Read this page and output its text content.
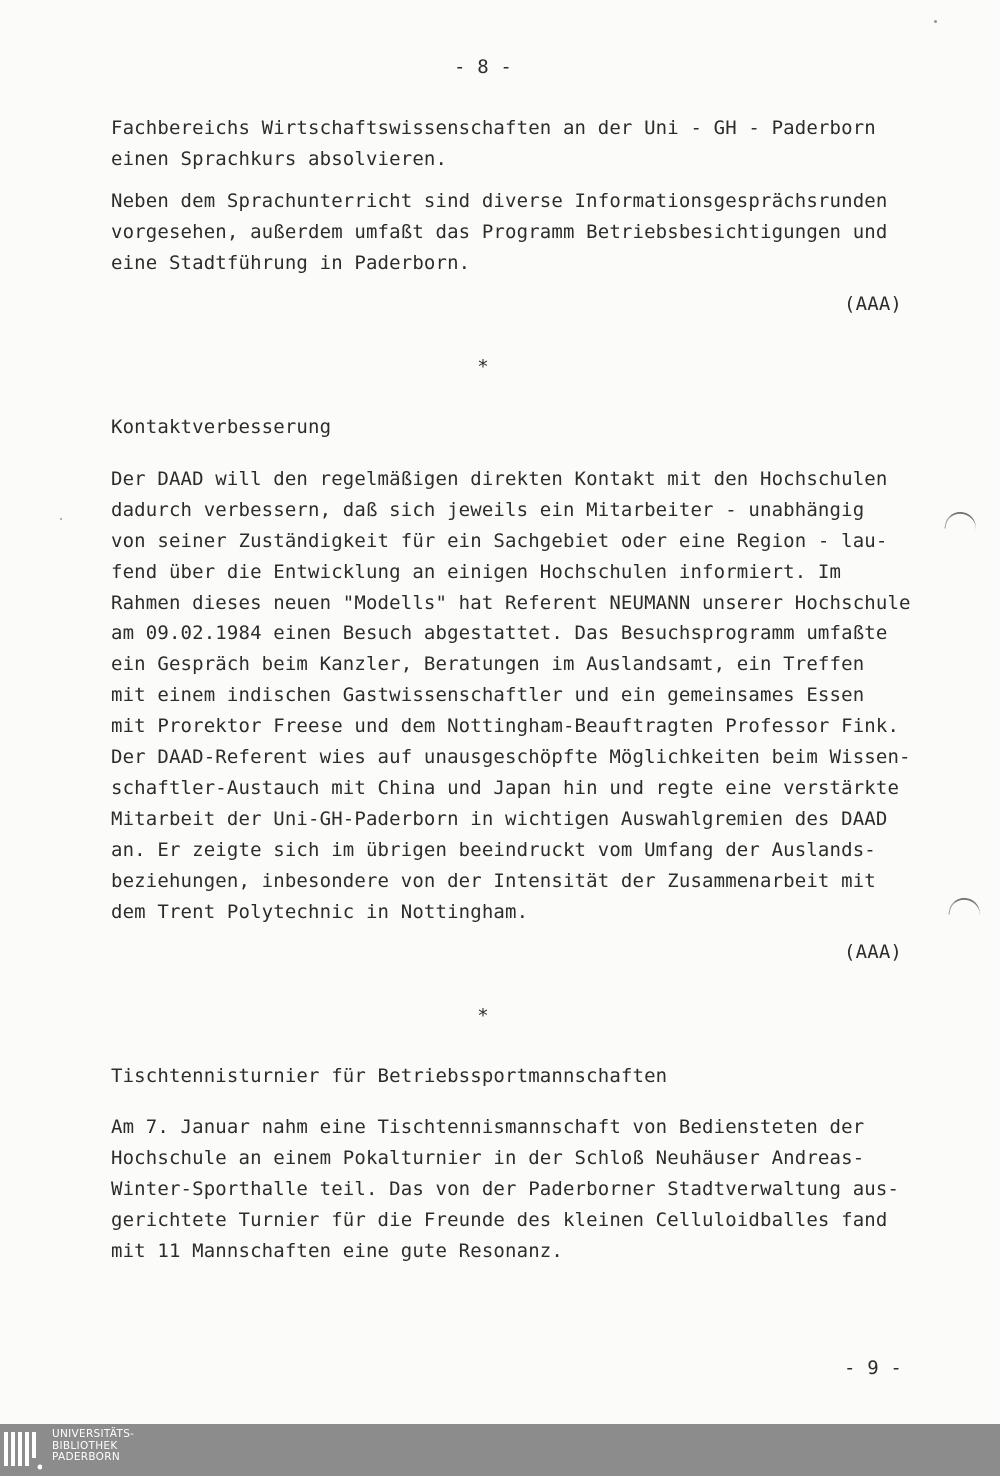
- 8 -

Fachbereichs Wirtschaftswissenschaften an der Uni - GH - Paderborn

einen Sprachkurs absolvieren.

Neben dem Sprachunterricht sind diverse Informationsgesprächsrunden

vorgesehen, außerdem umfaßt das Programm Betriebsbesichtigungen und

eine Stadtführung in Paderborn.

(AAA)

*

Kontaktverbesserung

Der DAAD will den regelmäßigen direkten Kontakt mit den Hochschulen

dadurch verbessern, daß sich jeweils ein Mitarbeiter - unabhängig

von seiner Zuständigkeit für ein Sachgebiet oder eine Region - lau-

fend über die Entwicklung an einigen Hochschulen informiert. Im

Rahmen dieses neuen "Modells" hat Referent NEUMANN unserer Hochschule

am 09.02.1984 einen Besuch abgestattet. Das Besuchsprogramm umfaßte

ein Gespräch beim Kanzler, Beratungen im Auslandsamt, ein Treffen

mit einem indischen Gastwissenschaftler und ein gemeinsames Essen

mit Prorektor Freese und dem Nottingham-Beauftragten Professor Fink.

Der DAAD-Referent wies auf unausgeschöpfte Möglichkeiten beim Wissen-

schaftler-Austauch mit China und Japan hin und regte eine verstärkte

Mitarbeit der Uni-GH-Paderborn in wichtigen Auswahlgremien des DAAD

an. Er zeigte sich im übrigen beeindruckt vom Umfang der Auslands-

beziehungen, inbesondere von der Intensität der Zusammenarbeit mit

dem Trent Polytechnic in Nottingham.

(AAA)

*

Tischtennisturnier für Betriebssportmannschaften

Am 7. Januar nahm eine Tischtennismannschaft von Bediensteten der

Hochschule an einem Pokalturnier in der Schloß Neuhäuser Andreas-

Winter-Sporthalle teil. Das von der Paderborner Stadtverwaltung aus-

gerichtete Turnier für die Freunde des kleinen Celluloidballes fand

mit 11 Mannschaften eine gute Resonanz.

- 9 -

UNIVERSITÄTS-
BIBLIOTHEK
PADERBORN
